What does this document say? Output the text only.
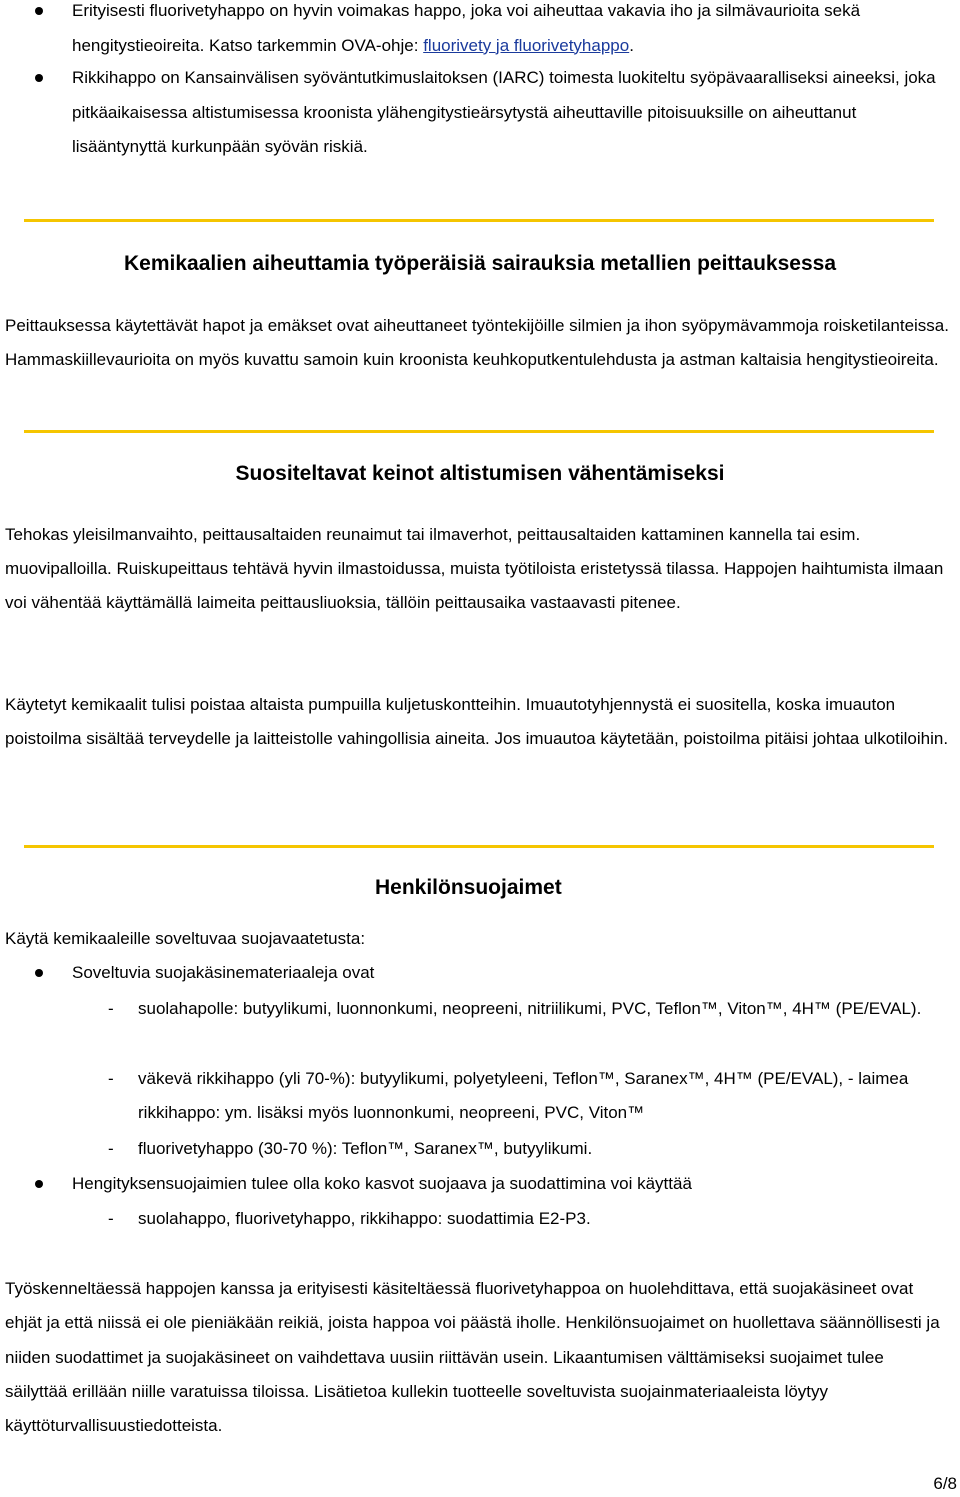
Erityisesti fluorivetyhappo on hyvin voimakas happo, joka voi aiheuttaa vakavia iho ja silmävaurioita sekä hengitystieoireita. Katso tarkemmin OVA-ohje: fluorivety ja fluorivetyhappo.

Rikkihappo on Kansainvälisen syöväntutkimuslaitoksen (IARC) toimesta luokiteltu syöpävaaralliseksi aineeksi, joka pitkäaikaisessa altistumisessa kroonista ylähengitystieärsytystä aiheuttaville pitoisuuksille on aiheuttanut lisääntynyttä kurkunpään syövän riskiä.

Kemikaalien aiheuttamia työperäisiä sairauksia metallien peittauksessa

Peittauksessa käytettävät hapot ja emäkset ovat aiheuttaneet työntekijöille silmien ja ihon syöpymävammoja roisketilanteissa. Hammaskiillevaurioita on myös kuvattu samoin kuin kroonista keuhkoputkentulehdusta ja astman kaltaisia hengitystieoireita.

Suositeltavat keinot altistumisen vähentämiseksi

Tehokas yleisilmanvaihto, peittausaltaiden reunaimut tai ilmaverhot, peittausaltaiden kattaminen kannella tai esim. muovipalloilla. Ruiskupeittaus tehtävä hyvin ilmastoidussa, muista työtiloista eristetyssä tilassa. Happojen haihtumista ilmaan voi vähentää käyttämällä laimeita peittausliuoksia, tällöin peittausaika vastaavasti pitenee.

Käytetyt kemikaalit tulisi poistaa altaista pumpuilla kuljetuskontteihin. Imuautotyhjennystä ei suositella, koska imuauton poistoilma sisältää terveydelle ja laitteistolle vahingollisia aineita. Jos imuautoa käytetään, poistoilma pitäisi johtaa ulkotiloihin.

Henkilönsuojaimet

Käytä kemikaaleille soveltuvaa suojavaatetusta:

Soveltuvia suojakäsinemateriaaleja ovat

- suolahapolle: butyylikumi, luonnonkumi, neopreeni, nitriilikumi, PVC, Teflon™, Viton™, 4H™ (PE/EVAL).

- väkevä rikkihappo (yli 70-%): butyylikumi, polyetyleeni, Teflon™, Saranex™, 4H™ (PE/EVAL), - laimea rikkihappo: ym. lisäksi myös luonnonkumi, neopreeni, PVC, Viton™

- fluorivetyhappo (30-70 %): Teflon™, Saranex™, butyylikumi.

Hengityksensuojaimien tulee olla koko kasvot suojaava ja suodattimina voi käyttää

- suolahappo, fluorivetyhappo, rikkihappo: suodattimia E2-P3.

Työskenneltäessä happojen kanssa ja erityisesti käsiteltäessä fluorivetyhappoa on huolehdittava, että suojakäsineet ovat ehjät ja että niissä ei ole pieniäkään reikiä, joista happoa voi päästä iholle. Henkilönsuojaimet on huollettava säännöllisesti ja niiden suodattimet ja suojakäsineet on vaihdettava uusiin riittävän usein. Likaantumisen välttämiseksi suojaimet tulee säilyttää erillään niille varatuissa tiloissa. Lisätietoa kullekin tuotteelle soveltuvista suojainmateriaaleista löytyy käyttöturvallisuustiedotteista.

6/8
